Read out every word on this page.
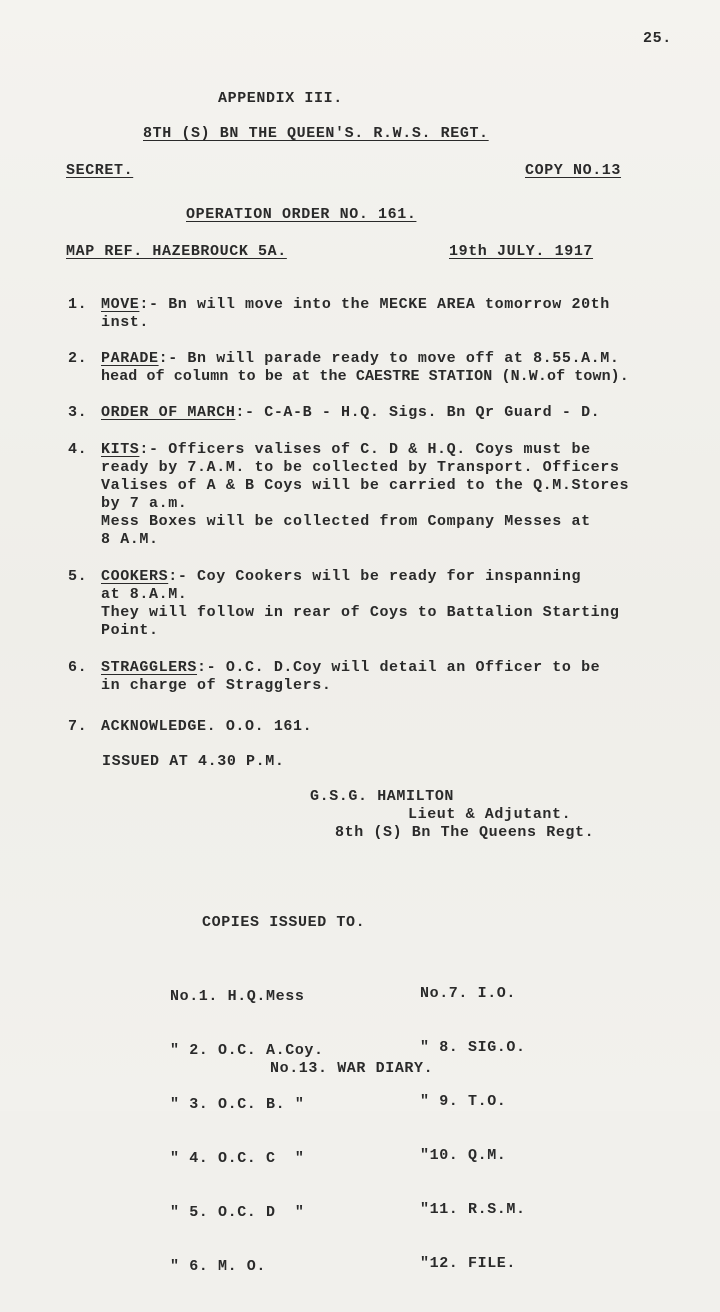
25.
APPENDIX III.
8TH (S) BN THE QUEEN'S. R.W.S. REGT.
SECRET.	COPY NO.13
OPERATION ORDER NO. 161.
MAP REF. HAZEBROUCK 5A.	19th JULY. 1917
1. MOVE:- Bn will move into the MECKE AREA tomorrow 20th
inst.
2. PARADE:- Bn will parade ready to move off at 8.55.A.M.
head of column to be at the CAESTRE STATION (N.W.of town).
3. ORDER OF MARCH:- C-A-B - H.Q. Sigs. Bn Qr Guard - D.
4. KITS:- Officers valises of C. D & H.Q. Coys must be
ready by 7.A.M. to be collected by Transport. Officers
Valises of A & B Coys will be carried to the Q.M.Stores
by 7 a.m.
Mess Boxes will be collected from Company Messes at
8 A.M.
5. COOKERS:- Coy Cookers will be ready for inspanning
at 8.A.M.
They will follow in rear of Coys to Battalion Starting
Point.
6. STRAGGLERS:- O.C. D.Coy will detail an Officer to be
in charge of Stragglers.
7. ACKNOWLEDGE. O.O. 161.
ISSUED AT 4.30 P.M.
G.S.G. HAMILTON
Lieut & Adjutant.
8th (S) Bn The Queens Regt.
COPIES ISSUED TO.

No.1. H.Q.Mess

" 2. O.C. A.Coy.

" 3. O.C. B. "

" 4. O.C. C  "

" 5. O.C. D  "

" 6. M. O.

No.7. I.O.

" 8. SIG.O.

" 9. T.O.

"10. Q.M.

"11. R.S.M.

"12. FILE.

No.13. WAR DIARY.
